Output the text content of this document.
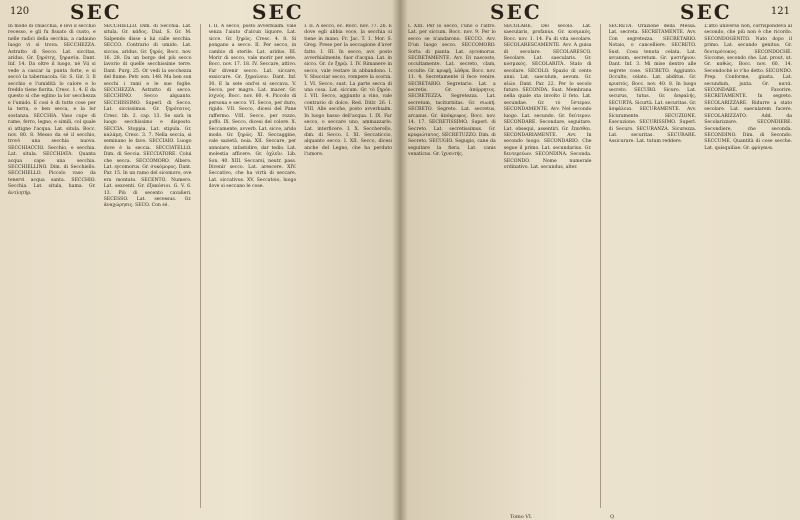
120 SEC	SEC
In modo di chiacchia, e levi il secchio recesso, e gli fu fissato di custo, e nelle radici della secchia, a cadauno luogo vi si trova. SECCHEZZA. Astratto di Secco. Lat. siccitas, aridus. Gr. ξηρότης, ξηρασία. Dant. Inf. 14. Da oltre il luogo, nè Vii si vede a cascar la punta forte, e si seccò la tabernacola. Gr. S. Gir. 3. Il secchio e l'umidità lo calore e lo freddo tiene fiorita. Cresc. 1. 4. E da questo si che eglino la lor secchezza e l'umido. E così è di tutte cose per la terra, e ben secca, e la lor sostanza. SECCHIA. Vaso cupo di rame, ferro, legno, e simili, col quale si attigne l'acqua. Lat. situla. Bocc. nov. 80. 8. Messo da sé il secchio, trovò una secchia nuova. SECCHIACCIO. Secchio, e secchia. Lat. situla. SECCHIATA. Quanta acqua cape una secchia. SECCHIELLINO. Dim. di Secchiello. SECCHIELLO. Piccolo vaso da tenervi acqua santa. SECCHIO. Secchia. Lat. situla, hama. Gr. ἀντλητήρ.
SECCHIELLO. Dim. di Secchia. Lat. situla. Gr. κάδος. Dial. S. Gr. M. Salpendo disse a lui calle secchia. SECCO. Contrario di umido. Lat. siccus, aridus. Gr. ξηρός. Bocc. nov. 16. 28. Da un borgo del più secco lavorio di quelle secchissime terre. Dant. Purg. 25. Or vedi la secchezza del fiume. Petr. son. 148. Ma ben son secchi i rami e le sue foglie. SECCHEZZA. Astratto di secco. SECCHINO. Secco alquanto. SECCHISSIMO. Superl. di Secco. Lat. siccissimus. Gr. ξηρότατος. Cresc. lib. 2. cap. 13. Se sarà in luogo secchissimo e disposto. SECCIA. Stoppia. Lat. stipula. Gr. καλάμη. Cresc. 3. 7. Nella seccia, si seminano le fave. SECCIAIO. Luogo dove è la seccia. SECCIATELLO. Dim. di Seccia. SECCIATORE. Colui che secca. SECCOMORO. Albero. Lat. sycomorus. Gr. συκόμορος. Dant. Par. 15. In un ramo del sicomoro, ove era montato. SECENTO. Numero. Lat. sexcenti. Gr. ἑξακόσιοι. G. V. 6. 13. Più di secento cavalieri. SECESSO. Lat. secessus. Gr. ἀναχώρησις. SECO. Con sé.
I. II. A secco, posto avverbialm. vale senza l'aiuto d'alcun liquore. Lat. sicce. Gr. ξηρῶς. Cresc. 4. 8. Si pongano a secco. II. Per secco, in cambio di sterile. Lat. aridus. III. Morir di secco, vale morir per sete. Bocc. nov. 17. 18. IV. Seccare, attivo. Far divenir secco. Lat. siccare, exsiccare. Gr. ξηραίνειν. Dant. Inf. 30. E la sete ond'ei si seccava. V. Secco, per magro. Lat. macer. Gr. ἰσχνός. Bocc. nov. 60. 4. Piccolo di persona e secco. VI. Secco, per duro, rigido. VII. Secco, dicesi del Pane raffermo. VIII. Secco, per rozzo, goffo. IX. Secco, dicesi del colore. X. Seccamente, avverb. Lat. sicce, arido modo. Gr. ξηρῶς. XI. Seccaggine, vale sazietà, noia. XII. Seccare, per annoiare, infastidire, dar tedio. Lat. molestia afficere. Gr. ὀχλεῖν. Lib. Son. 40. XIII. Seccarsi, neutr. pass. Divenir secco. Lat. arescere. XIV. Seccativo, che ha virtù di seccare. Lat. siccativus. XV. Seccatoio, luogo dove si seccano le cose.
I. II. A secco, ec. Bocc. nov. 77. 26. E dove egli abbia voce, la secchia si tiene in mano. Fr. Jac. T. 1. Mor. S. Greg. Prese per la seccagione d'aver fatto. I. III. In secco, avv. posto avverbialmente, fuor d'acqua. Lat. in sicco. Gr. ἐν ξηρῷ. I. IV. Rimanere in secco, vale restare in abbandono. I. V. Sbucciar secco, rompere la scorza. I. VI. Secco, sust. La parte secca di una cosa. Lat. siccum. Gr. τὸ ξηρόν. I. VII. Secco, aggiunto a vino, vale contrario di dolce. Red. Ditir. 26. I. VIII. Alle secche, posto avverbialm. In luogo basso dell'acqua. I. IX. Far secco, o seccare uno, ammazzarlo. Lat. interficere. I. X. Seccherello, dim. di Secco. I. XI. Seccaticcio, alquanto secco. I. XII. Secco, dicesi anche del Legno, che ha perduto l'umore.
SEC	SEC	121
I. XIII. Per lo secco, l'uno o l'altro. Lat. per siccum. Bocc. nov. 9. Per lo secco se n'andarono. SECCO. Avv. D'un luogo secco. SECCOMORO. Sorta di pianta. Lat. sycomorus. SECRETAMENTE. Avv. Di nascosto, occultamente. Lat. secreto, clam, occulte. Gr. κρυφῇ, λάθρα. Bocc. nov. 11. 4. Secretamente il fece venire. SECRETARIO. Segretario. Lat. a secretis. Gr. ἀπόρρητος. SECRETEZZA. Segretezza. Lat. secretum, taciturnitas. Gr. σιωπή. SECRETO. Segreto. Lat. secretus, arcanus. Gr. ἀπόκρυφος. Bocc. nov. 14. 17. SECRETISSIMO. Superl. di Secreto. Lat. secretissimus. Gr. κρυφιώτατος. SECRETUZZO. Dim. di Secreto. SECUGIO. Segugio, cane da seguitare la fiera. Lat. canis venaticus. Gr. ἰχνευτής.
SECOLARE. Del secolo. Lat. saecularis, profanus. Gr. κοσμικός. Bocc. nov. 1. 14. Fu di vita secolare. SECOLARESCAMENTE. Avv. A guisa di secolare. SECOLARESCO. Secolare. Lat. saecularis. Gr. κοσμικός. SECOLARITÀ. Stato di secolare. SECOLO. Spazio di cento anni. Lat. saeculum, aevum. Gr. αἰών. Dant. Par. 22. Per lo secolo futuro. SECONDA. Sust. Membrana nella quale sta involto il feto. Lat. secundae. Gr. τὸ ὕστερον. SECONDAMENTE. Avv. Nel secondo luogo. Lat. secundo. Gr. δεύτερον. SECONDARE. Secondare, seguitare. Lat. obsequi, assentiri. Gr. ἕπεσθαι. SECONDARIAMENTE. Avv. In secondo luogo. SECONDARIO. Che segue il primo. Lat. secundarius. Gr. δευτερεύων. SECONDINA. Seconda. SECONDO. Nome numerale ordinativo. Lat. secundus, alter.
SECRETA. Orazione della Messa. Lat. secreta. SECRETAMENTE. Avv. Con segretezza. SECRETARIO. Notaio, o cancelliere. SECRETO. Sust. Cosa tenuta celata. Lat. arcanum, secretum. Gr. μυστήριον. Dant. Inf. 3. Mi mise dentro alle segrete cose. SECRETO. Aggiunto. Occulto, celato. Lat. abditus. Gr. κρυπτός. Bocc. nov. 40. 8. In luogo secreto. SECURO. Sicuro. Lat. securus, tutus. Gr. ἀσφαλής. SECURTÀ. Sicurtà. Lat. securitas. Gr. ἀσφάλεια. SECURAMENTE. Avv. Sicuramente. SECUZIONE. Esecuzione. SECURISSIMO. Superl. di Securo. SECURANZA. Sicurezza. Lat. securitas. SECURARE. Assicurare. Lat. tutum reddere.
L'atto universo non, corrispondeva al secondo, che più non è che ricordo. SECONDOGENITO. Nato dopo il primo. Lat. secundo genitus. Gr. δευτερότοκος. SECONDOCHÈ. Siccome, secondo che. Lat. prout, ut. Gr. καθώς. Bocc. nov. 60. 14. Secondochè io v'ho detto. SECONDO. Prep. Conforme, giusta. Lat. secundum, juxta. Gr. κατά. SECONDARE. Favorire. SECRETAMENTE. In segreto. SECOLARIZZARE. Ridurre a stato secolare. Lat. saecularem facere. SECOLARIZZATO. Add. da Secolarizzare. SECONDIERE. Secondiere, che seconda. SECONDINO. Dim. di Secondo. SECCUME. Quantità di cose secche. Lat. quisquiliae. Gr. φρύγανα.
Tomo VI.	Q
